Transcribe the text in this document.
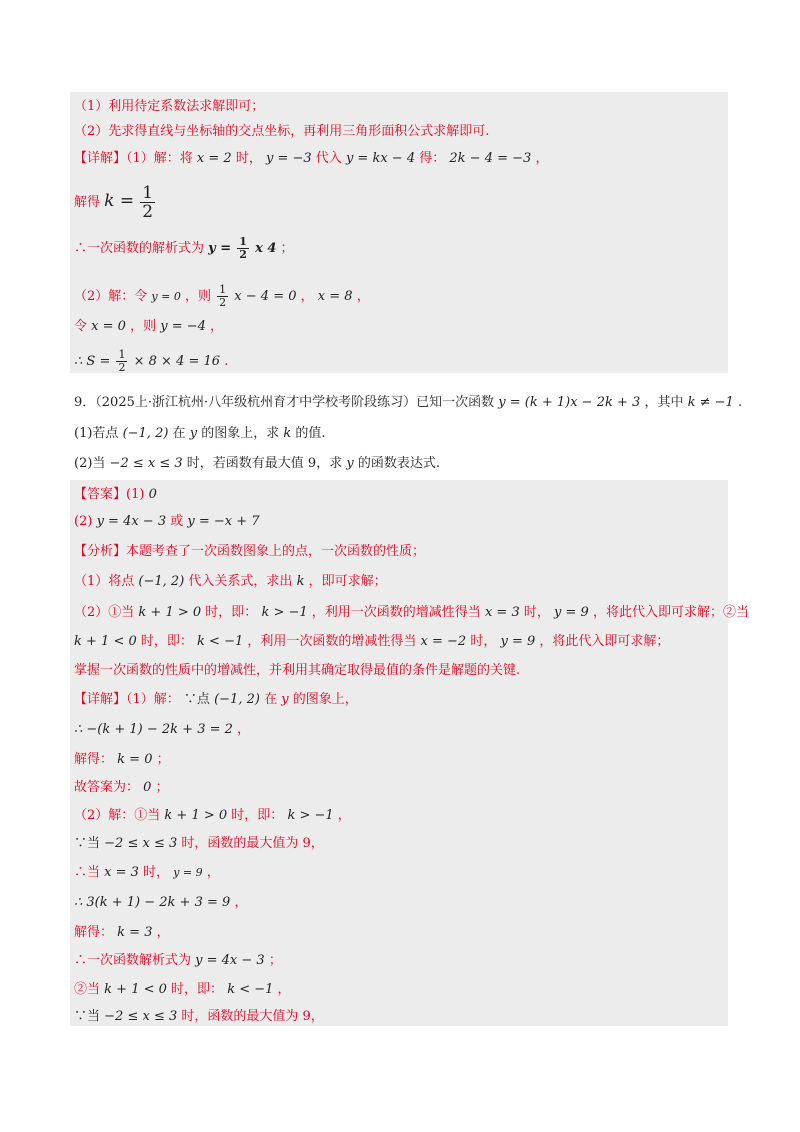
（1）利用待定系数法求解即可；
（2）先求得直线与坐标轴的交点坐标，再利用三角形面积公式求解即可.
【详解】（1）解：将 x = 2 时， y = −3 代入 y = kx − 4 得： 2k − 4 = −3 ，
解得 $k = \frac{1}{2}$
∴一次函数的解析式为 $y = \frac{1}{2}$ x 4 ；
（2）解：令 y = 0 ，则 $\frac{1}{2}$ x − 4 = 0 ， x = 8 ，
令 x = 0 ，则 y = −4 ，
∴ $S = \frac{1}{2} \times 8 \times 4 = 16$ .
9．（2025上·浙江杭州·八年级杭州育才中学校考阶段练习）已知一次函数 y = (k + 1)x − 2k + 3 ，其中 k ≠ −1 .
(1)若点 (−1, 2) 在 y 的图象上，求 k 的值.
(2)当 −2 ≤ x ≤ 3 时，若函数有最大值 9，求 y 的函数表达式.
【答案】(1) 0
(2) y = 4x − 3 或 y = −x + 7
【分析】本题考查了一次函数图象上的点，一次函数的性质；
（1）将点 (−1, 2) 代入关系式，求出 k ，即可求解；
（2）①当 k + 1 > 0 时，即： k > −1 ，利用一次函数的增减性得当 x = 3 时， y = 9 ，将此代入即可求解；②当
k + 1 < 0 时，即： k < −1 ，利用一次函数的增减性得当 x = −2 时， y = 9 ，将此代入即可求解；
掌握一次函数的性质中的增减性，并利用其确定取得最值的条件是解题的关键.
【详解】（1）解： ∵点 (−1, 2) 在 y 的图象上，
∴ −(k + 1) − 2k + 3 = 2 ，
解得： k = 0 ；
故答案为： 0 ；
（2）解：①当 k + 1 > 0 时，即： k > −1 ，
∵当 −2 ≤ x ≤ 3 时，函数的最大值为 9，
∴当 x = 3 时， y = 9 ，
∴ 3(k + 1) − 2k + 3 = 9 ，
解得： k = 3 ，
∴一次函数解析式为 y = 4x − 3 ；
②当 k + 1 < 0 时，即： k < −1 ，
∵当 −2 ≤ x ≤ 3 时，函数的最大值为 9，
